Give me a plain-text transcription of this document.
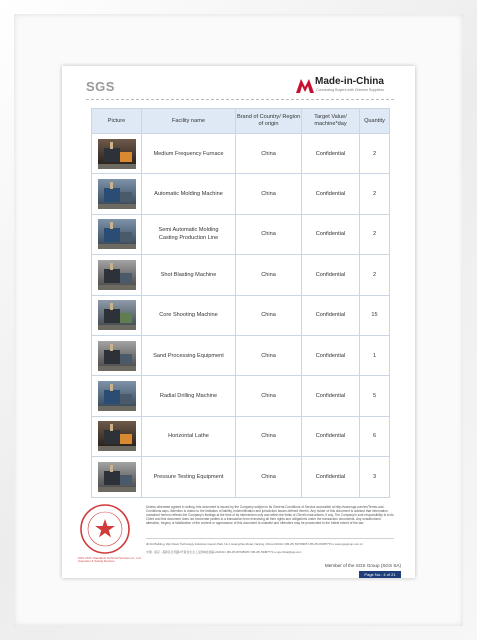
SGS	Made-in-China
Connecting Buyers with Chinese Suppliers
Picture	Facility name	Brand of Country/ Region of origin	Target Value/ machine*day	Quantity

	Medium Frequency Furnace	China	Confidential	2

	Automatic Molding Machine	China	Confidential	2

	Semi Automatic Molding Casting Production Line	China	Confidential	2

	Shot Blasting Machine	China	Confidential	2

	Core Shooting Machine	China	Confidential	15

	Sand Processing Equipment	China	Confidential	1

	Radial Drilling Machine	China	Confidential	5

	Horizontal Lathe	China	Confidential	6

	Pressure Testing Equipment	China	Confidential	3
SGS-CSTC Standards Technical Services Co., Ltd. Inspection & Testing Services
Unless otherwise agreed in writing, this document is issued by the Company subject to its General Conditions of Service accessible at http://www.sgs.com/en/Terms-and-Conditions.aspx. Attention is drawn to the limitation of liability, indemnification and jurisdiction issues defined therein. Any holder of this document is advised that information contained hereon reflects the Company's findings at the time of its intervention only and within the limits of Client's instructions, if any. The Company's sole responsibility is to its Client and this document does not exonerate parties to a transaction from exercising all their rights and obligations under the transaction documents. Any unauthorized alteration, forgery or falsification of the content or appearance of this document is unlawful and offenders may be prosecuted to the fullest extent of the law.
4F,3rd Building, Zijin Road, Technology Industries Gaoxin Park, No.1 Guangzhou Road, Nanjing, China 210014 t (86-25) 83728905 f (86-25) 83487773 e www.sgsgroup.com.cn
中国 · 南京 · 高新区北苑路1号紫金生态工业园3楼 邮编 210014 t (86-25) 83728905 f (86-25) 83487773 e sgs.china@sgs.com
Member of the SGS Group (SGS SA)
Page No.: 4 of 21
